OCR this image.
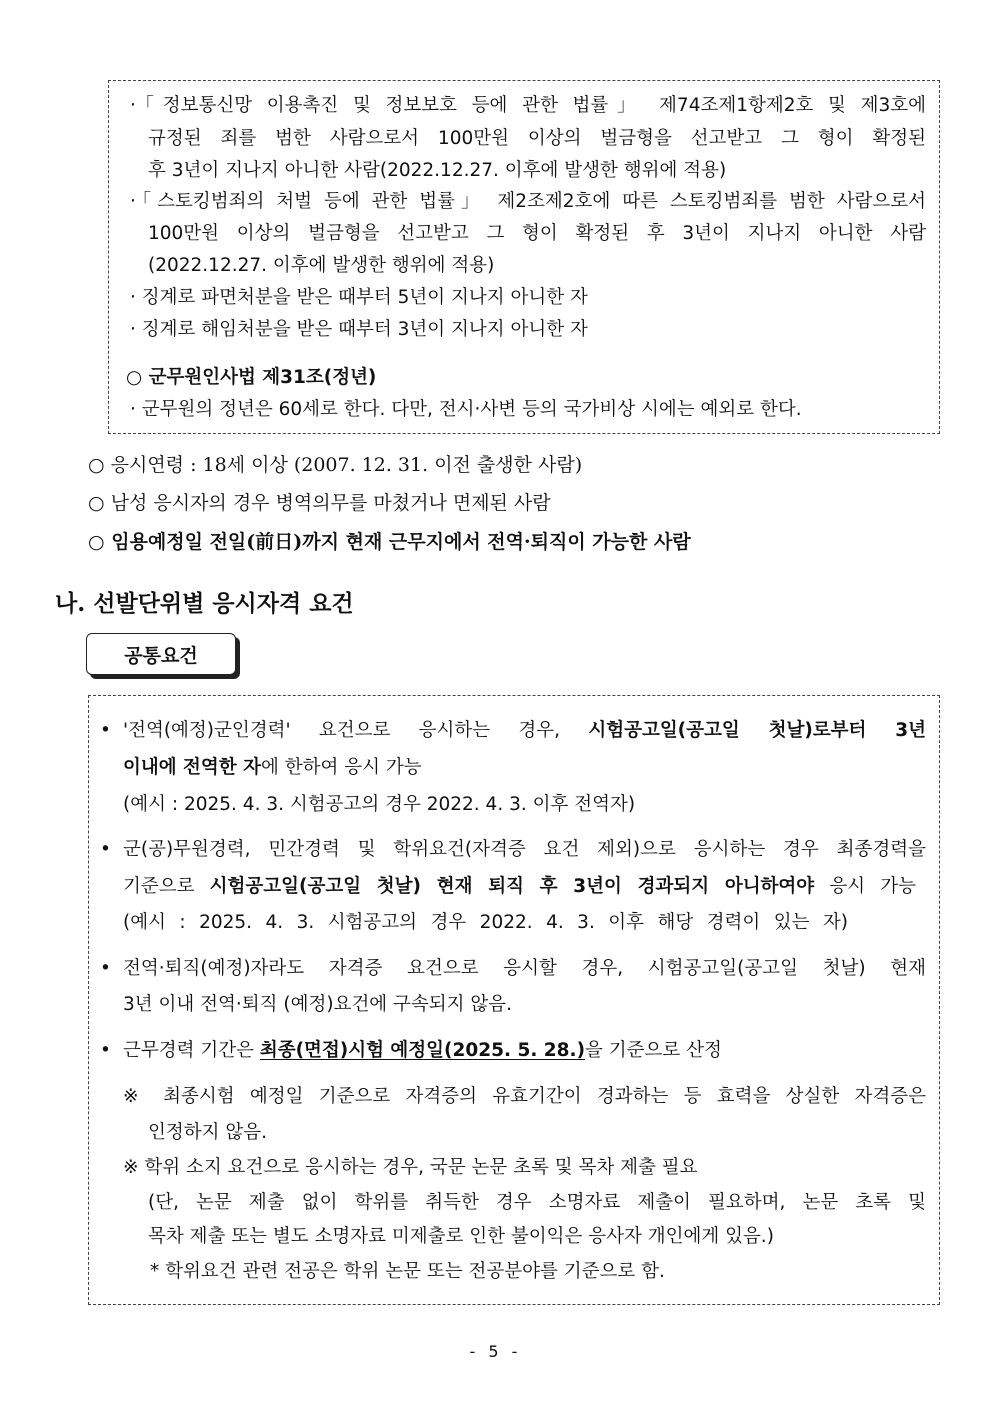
·「정보통신망 이용촉진 및 정보보호 등에 관한 법률」 제74조제1항제2호 및 제3호에
규정된 죄를 범한 사람으로서 100만원 이상의 벌금형을 선고받고 그 형이 확정된
후 3년이 지나지 아니한 사람(2022.12.27. 이후에 발생한 행위에 적용)
·「스토킹범죄의 처벌 등에 관한 법률」 제2조제2호에 따른 스토킹범죄를 범한 사람으로서
100만원 이상의 벌금형을 선고받고 그 형이 확정된 후 3년이 지나지 아니한 사람
(2022.12.27. 이후에 발생한 행위에 적용)
· 징계로 파면처분을 받은 때부터 5년이 지나지 아니한 자
· 징계로 해임처분을 받은 때부터 3년이 지나지 아니한 자
○ 군무원인사법 제31조(정년)
· 군무원의 정년은 60세로 한다. 다만, 전시·사변 등의 국가비상 시에는 예외로 한다.
○ 응시연령 : 18세 이상 (2007. 12. 31. 이전 출생한 사람)
○ 남성 응시자의 경우 병역의무를 마쳤거나 면제된 사람
○ 임용예정일 전일(前日)까지 현재 근무지에서 전역·퇴직이 가능한 사람
나. 선발단위별 응시자격 요건
공통요건
• '전역(예정)군인경력' 요건으로 응시하는 경우, 시험공고일(공고일 첫날)로부터 3년
이내에 전역한 자에 한하여 응시 가능
(예시 : 2025. 4. 3. 시험공고의 경우 2022. 4. 3. 이후 전역자)
• 군(공)무원경력, 민간경력 및 학위요건(자격증 요건 제외)으로 응시하는 경우 최종경력을
기준으로 시험공고일(공고일 첫날) 현재 퇴직 후 3년이 경과되지 아니하여야 응시 가능
(예시 : 2025. 4. 3. 시험공고의 경우 2022. 4. 3. 이후 해당 경력이 있는 자)
• 전역·퇴직(예정)자라도 자격증 요건으로 응시할 경우, 시험공고일(공고일 첫날) 현재
3년 이내 전역·퇴직 (예정)요건에 구속되지 않음.
• 근무경력 기간은 최종(면접)시험 예정일(2025. 5. 28.)을 기준으로 산정
※ 최종시험 예정일 기준으로 자격증의 유효기간이 경과하는 등 효력을 상실한 자격증은
인정하지 않음.
※ 학위 소지 요건으로 응시하는 경우, 국문 논문 초록 및 목차 제출 필요
(단, 논문 제출 없이 학위를 취득한 경우 소명자료 제출이 필요하며, 논문 초록 및
목차 제출 또는 별도 소명자료 미제출로 인한 불이익은 응사자 개인에게 있음.)
* 학위요건 관련 전공은 학위 논문 또는 전공분야를 기준으로 함.
- 5 -
